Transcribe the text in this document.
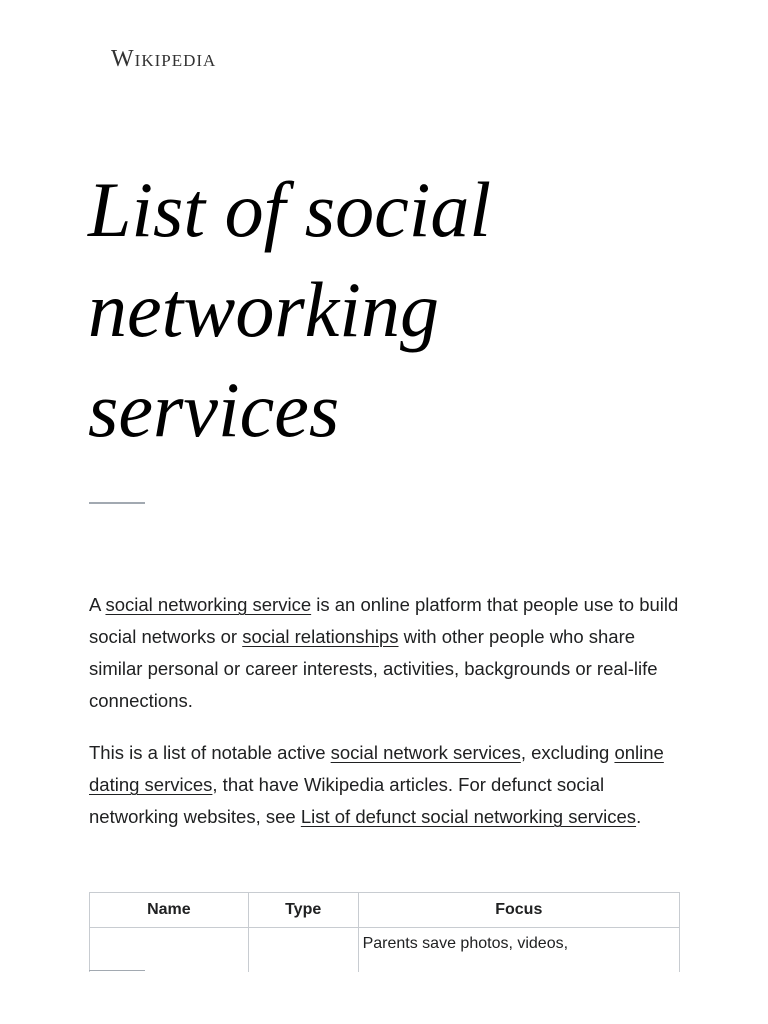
Wikipedia
List of social networking services

A social networking service is an online platform that people use to build social networks or social relationships with other people who share similar personal or career interests, activities, backgrounds or real-life connections.

This is a list of notable active social network services, excluding online dating services, that have Wikipedia articles. For defunct social networking websites, see List of defunct social networking services.

Name	Type	Focus
		Parents save photos, videos,
